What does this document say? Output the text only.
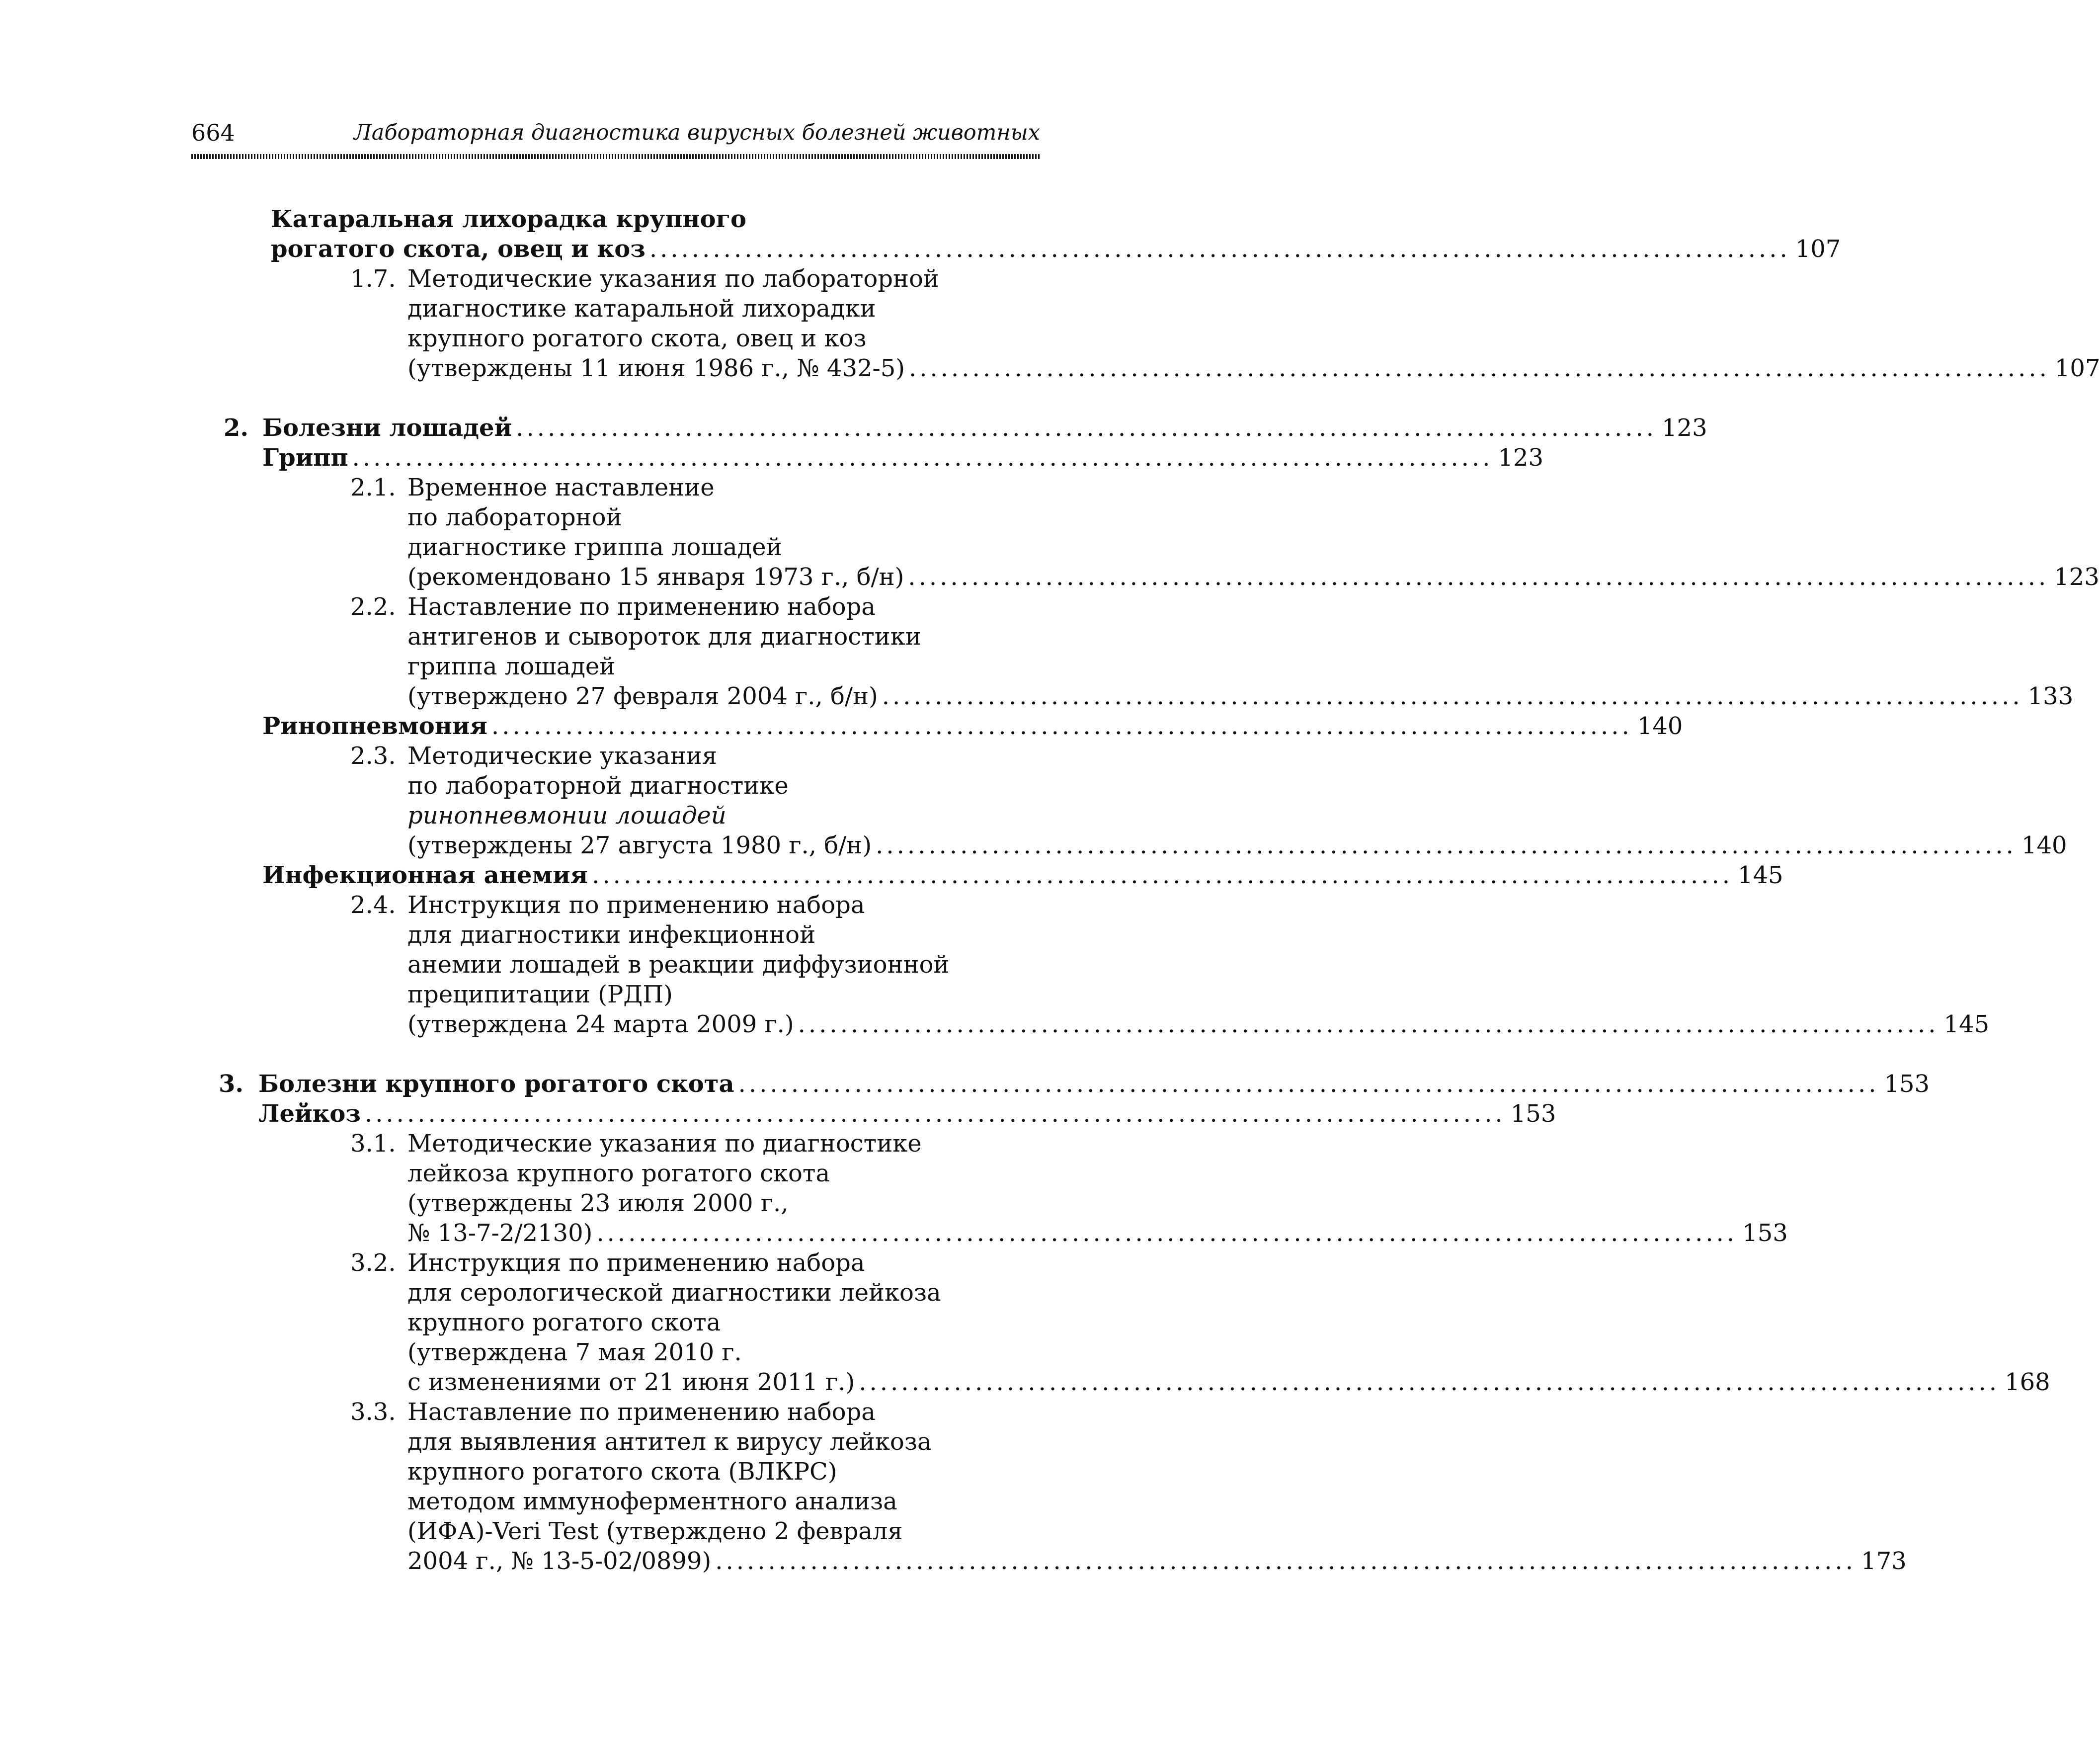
664	Лабораторная диагностика вирусных болезней животных
Катаральная лихорадка крупного
рогатого скота, овец и коз ............................................................................................................ 107
1.7. Методические указания по лабораторной
диагностике катаральной лихорадки
крупного рогатого скота, овец и коз
(утверждены 11 июня 1986 г., № 432-5) ............................................................................................................ 107
2. Болезни лошадей ............................................................................................................ 123
Грипп ............................................................................................................ 123
2.1. Временное наставление
по лабораторной
диагностике гриппа лошадей
(рекомендовано 15 января 1973 г., б/н) ............................................................................................................ 123
2.2. Наставление по применению набора
антигенов и сывороток для диагностики
гриппа лошадей
(утверждено 27 февраля 2004 г., б/н) ............................................................................................................ 133
Ринопневмония ............................................................................................................ 140
2.3. Методические указания
по лабораторной диагностике
ринопневмонии лошадей
(утверждены 27 августа 1980 г., б/н) ............................................................................................................ 140
Инфекционная анемия ............................................................................................................ 145
2.4. Инструкция по применению набора
для диагностики инфекционной
анемии лошадей в реакции диффузионной
преципитации (РДП)
(утверждена 24 марта 2009 г.) ............................................................................................................ 145
3. Болезни крупного рогатого скота ............................................................................................................ 153
Лейкоз ............................................................................................................ 153
3.1. Методические указания по диагностике
лейкоза крупного рогатого скота
(утверждены 23 июля 2000 г.,
№ 13-7-2/2130) ............................................................................................................ 153
3.2. Инструкция по применению набора
для серологической диагностики лейкоза
крупного рогатого скота
(утверждена 7 мая 2010 г.
с изменениями от 21 июня 2011 г.) ............................................................................................................ 168
3.3. Наставление по применению набора
для выявления антител к вирусу лейкоза
крупного рогатого скота (ВЛКРС)
методом иммуноферментного анализа
(ИФА)-Veri Test (утверждено 2 февраля
2004 г., № 13-5-02/0899) ............................................................................................................ 173
